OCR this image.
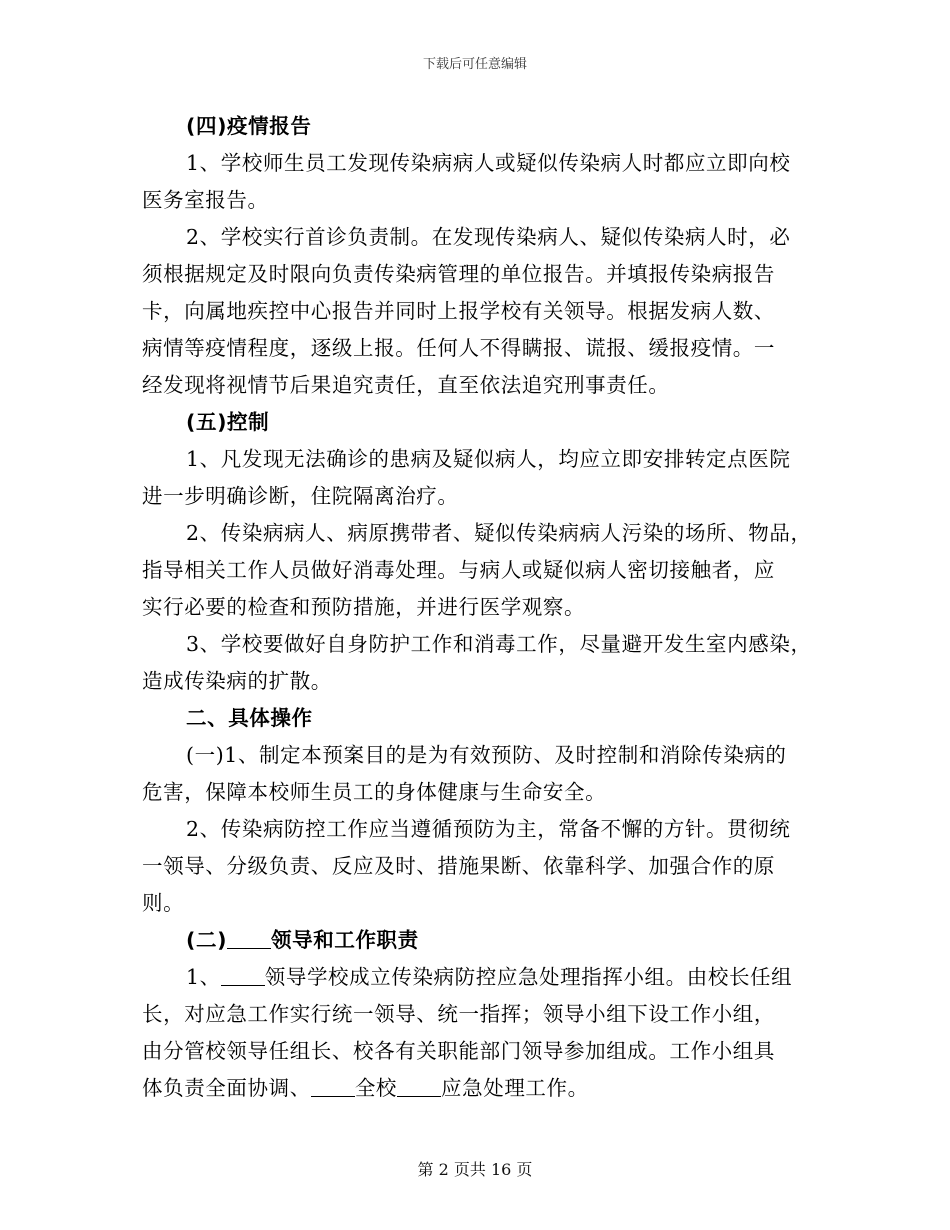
下载后可任意编辑
(四)疫情报告
1、学校师生员工发现传染病病人或疑似传染病人时都应立即向校
医务室报告。
2、学校实行首诊负责制。在发现传染病人、疑似传染病人时，必
须根据规定及时限向负责传染病管理的单位报告。并填报传染病报告
卡，向属地疾控中心报告并同时上报学校有关领导。根据发病人数、
病情等疫情程度，逐级上报。任何人不得瞒报、谎报、缓报疫情。一
经发现将视情节后果追究责任，直至依法追究刑事责任。
(五)控制
1、凡发现无法确诊的患病及疑似病人，均应立即安排转定点医院
进一步明确诊断，住院隔离治疗。
2、传染病病人、病原携带者、疑似传染病病人污染的场所、物品，
指导相关工作人员做好消毒处理。与病人或疑似病人密切接触者，应
实行必要的检查和预防措施，并进行医学观察。
3、学校要做好自身防护工作和消毒工作，尽量避开发生室内感染，
造成传染病的扩散。
二、具体操作
(一)1、制定本预案目的是为有效预防、及时控制和消除传染病的
危害，保障本校师生员工的身体健康与生命安全。
2、传染病防控工作应当遵循预防为主，常备不懈的方针。贯彻统
一领导、分级负责、反应及时、措施果断、依靠科学、加强合作的原
则。
(二) 领导和工作职责
1、 领导学校成立传染病防控应急处理指挥小组。由校长任组
长，对应急工作实行统一领导、统一指挥；领导小组下设工作小组，
由分管校领导任组长、校各有关职能部门领导参加组成。工作小组具
体负责全面协调、 全校 应急处理工作。
第 2 页共 16 页
